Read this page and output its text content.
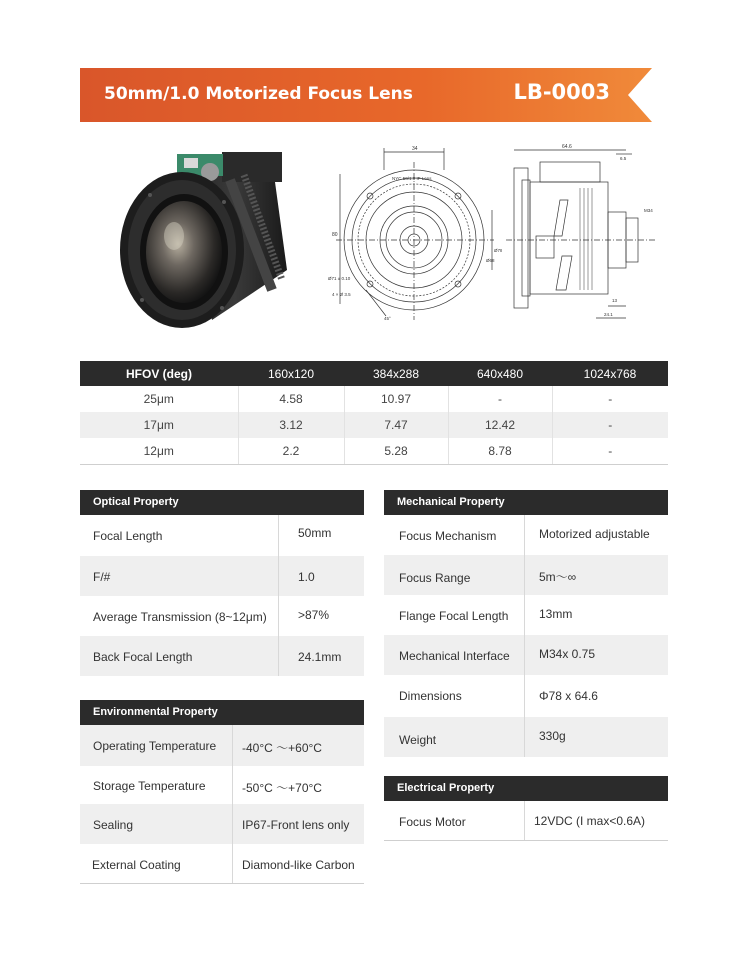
50mm/1.0 Motorized Focus Lens	LB-0003
34
80
NYC 50/1.0 IF Lens
Ø78
Ø68
Ø71 ± 0.10
4 × Ø 3.5
45°
64.6
6.5
M34
13
24.1
HFOV (deg)	160x120	384x288	640x480	1024x768
25μm	4.58	10.97	-	-
17μm	3.12	7.47	12.42	-
12μm	2.2	5.28	8.78	-
Optical Property
Focal Length	50mm
F/#	1.0
Average Transmission (8~12μm)	>87%
Back Focal Length	24.1mm
Environmental Property
Operating Temperature -40°C ～+60°C
Storage Temperature	-50°C ～+70°C
Sealing	IP67-Front lens only
External Coating	Diamond-like Carbon
Mechanical Property
Focus Mechanism	Motorized adjustable
Focus Range	5m～∞
Flange Focal Length	13mm
Mechanical Interface M34x 0.75
Dimensions	Φ78 x 64.6
Weight	330g
Electrical Property
Focus Motor	12VDC (I max<0.6A)
